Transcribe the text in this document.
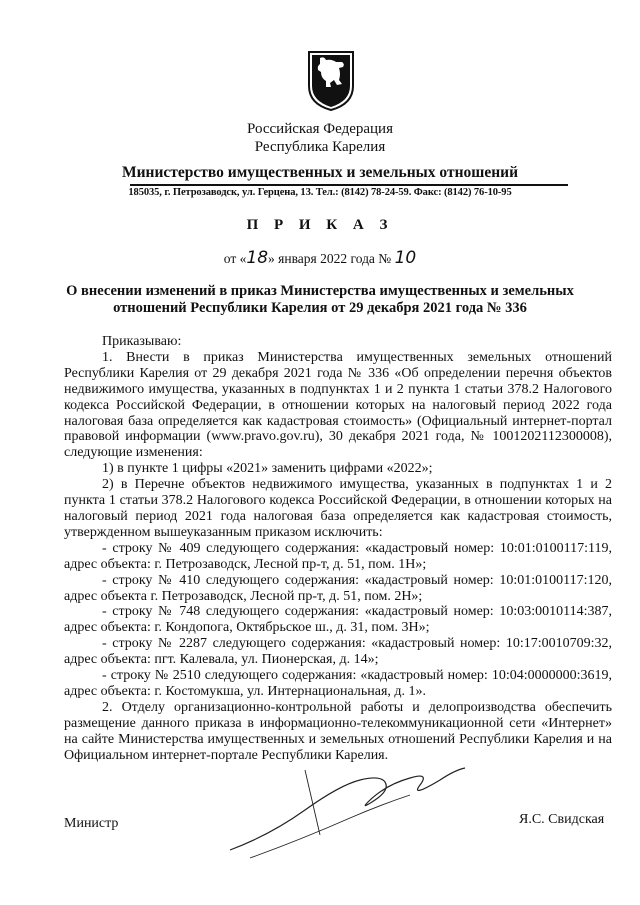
Российская Федерация
Республика Карелия
Министерство имущественных и земельных отношений
185035, г. Петрозаводск, ул. Герцена, 13. Тел.: (8142) 78-24-59. Факс: (8142) 76-10-95
П Р И К А З
от «18» января 2022 года № 10
О внесении изменений в приказ Министерства имущественных и земельных
отношений Республики Карелия от 29 декабря 2021 года № 336
Приказываю:
1. Внести в приказ Министерства имущественных земельных отношений Республики Карелия от 29 декабря 2021 года № 336 «Об определении перечня объектов недвижимого имущества, указанных в подпунктах 1 и 2 пункта 1 статьи 378.2 Налогового кодекса Российской Федерации, в отношении которых на налоговый период 2022 года налоговая база определяется как кадастровая стоимость» (Официальный интернет-портал правовой информации (www.pravo.gov.ru), 30 декабря 2021 года, № 1001202112300008), следующие изменения:
1) в пункте 1 цифры «2021» заменить цифрами «2022»;
2) в Перечне объектов недвижимого имущества, указанных в подпунктах 1 и 2 пункта 1 статьи 378.2 Налогового кодекса Российской Федерации, в отношении которых на налоговый период 2021 года налоговая база определяется как кадастровая стоимость, утвержденном вышеуказанным приказом исключить:
- строку № 409 следующего содержания: «кадастровый номер: 10:01:0100117:119, адрес объекта: г. Петрозаводск, Лесной пр-т, д. 51, пом. 1Н»;
- строку № 410 следующего содержания: «кадастровый номер: 10:01:0100117:120, адрес объекта г. Петрозаводск, Лесной пр-т, д. 51, пом. 2Н»;
- строку № 748 следующего содержания: «кадастровый номер: 10:03:0010114:387, адрес объекта: г. Кондопога, Октябрьское ш., д. 31, пом. 3Н»;
- строку № 2287 следующего содержания: «кадастровый номер: 10:17:0010709:32, адрес объекта: пгт. Калевала, ул. Пионерская, д. 14»;
- строку № 2510 следующего содержания: «кадастровый номер: 10:04:0000000:3619, адрес объекта: г. Костомукша, ул. Интернациональная, д. 1».
2. Отделу организационно-контрольной работы и делопроизводства обеспечить размещение данного приказа в информационно-телекоммуникационной сети «Интернет» на сайте Министерства имущественных и земельных отношений Республики Карелия и на Официальном интернет-портале Республики Карелия.
Министр	Я.С. Свидская
